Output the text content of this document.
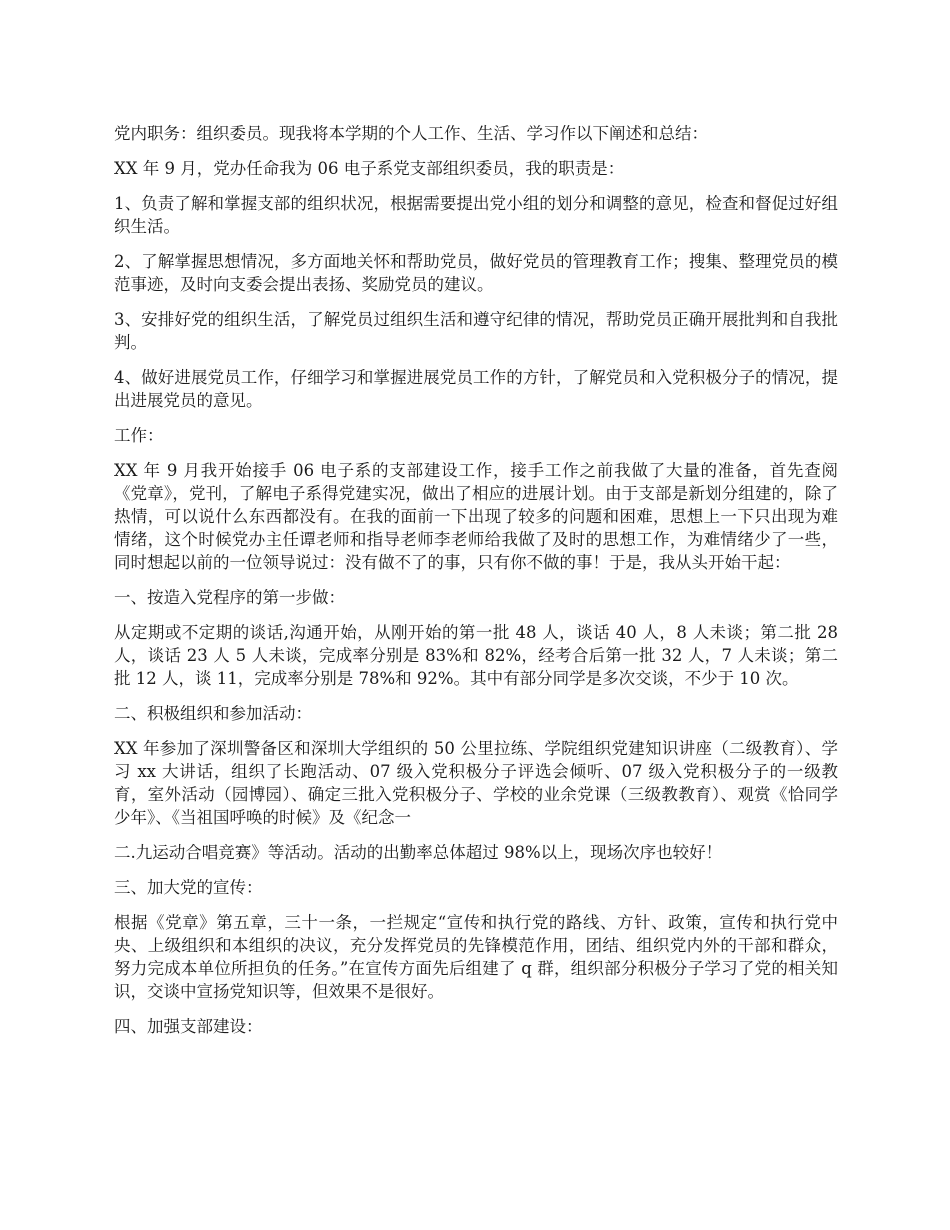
党内职务：组织委员。现我将本学期的个人工作、生活、学习作以下阐述和总结：

XX 年 9 月，党办任命我为 06 电子系党支部组织委员，我的职责是：

1、负责了解和掌握支部的组织状况，根据需要提出党小组的划分和调整的意见，检查和督促过好组织生活。

2、了解掌握思想情况，多方面地关怀和帮助党员，做好党员的管理教育工作；搜集、整理党员的模范事迹，及时向支委会提出表扬、奖励党员的建议。

3、安排好党的组织生活，了解党员过组织生活和遵守纪律的情况，帮助党员正确开展批判和自我批判。

4、做好进展党员工作，仔细学习和掌握进展党员工作的方针，了解党员和入党积极分子的情况，提出进展党员的意见。

工作：

XX 年 9 月我开始接手 06 电子系的支部建设工作，接手工作之前我做了大量的准备，首先查阅《党章》，党刊，了解电子系得党建实况，做出了相应的进展计划。由于支部是新划分组建的，除了热情，可以说什么东西都没有。在我的面前一下出现了较多的问题和困难，思想上一下只出现为难情绪，这个时候党办主任谭老师和指导老师李老师给我做了及时的思想工作，为难情绪少了一些，同时想起以前的一位领导说过：没有做不了的事，只有你不做的事！于是，我从头开始干起：

一、按造入党程序的第一步做：

从定期或不定期的谈话,沟通开始，从刚开始的第一批 48 人，谈话 40 人，8 人未谈；第二批 28 人，谈话 23 人 5 人未谈，完成率分别是 83%和 82%，经考合后第一批 32 人，7 人未谈；第二批 12 人，谈 11，完成率分别是 78%和 92%。其中有部分同学是多次交谈，不少于 10 次。

二、积极组织和参加活动：

XX 年参加了深圳警备区和深圳大学组织的 50 公里拉练、学院组织党建知识讲座（二级教育）、学习 xx 大讲话，组织了长跑活动、07 级入党积极分子评选会倾听、07 级入党积极分子的一级教育，室外活动（园博园）、确定三批入党积极分子、学校的业余党课（三级教教育）、观赏《恰同学少年》、《当祖国呼唤的时候》及《纪念一

二.九运动合唱竞赛》等活动。活动的出勤率总体超过 98%以上，现场次序也较好！

三、加大党的宣传：

根据《党章》第五章，三十一条，一拦规定“宣传和执行党的路线、方针、政策，宣传和执行党中央、上级组织和本组织的决议，充分发挥党员的先锋模范作用，团结、组织党内外的干部和群众，努力完成本单位所担负的任务。”在宣传方面先后组建了 q 群，组织部分积极分子学习了党的相关知识，交谈中宣扬党知识等，但效果不是很好。

四、加强支部建设：
